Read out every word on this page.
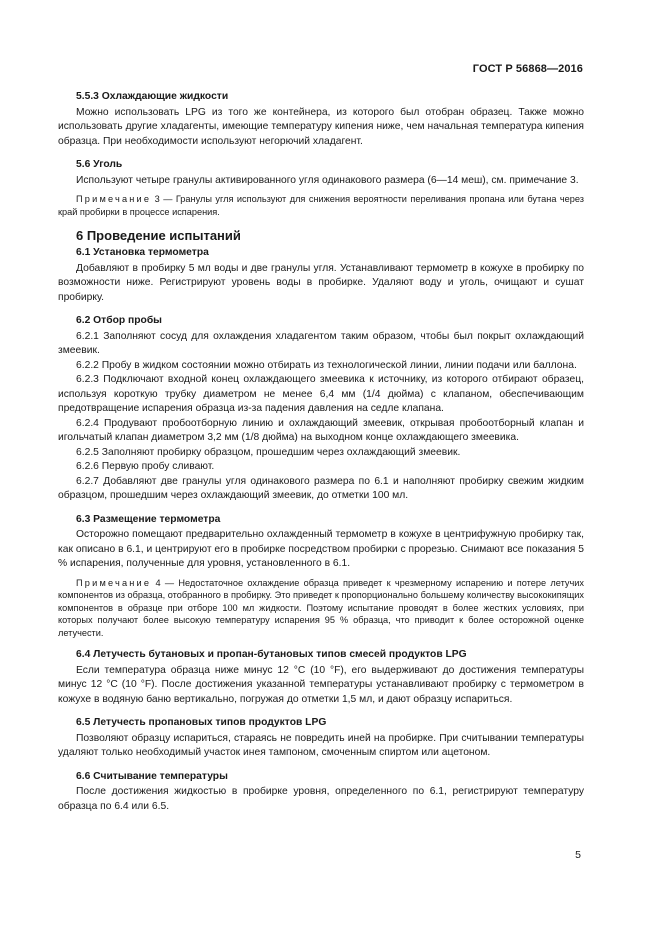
ГОСТ Р 56868—2016
5.5.3 Охлаждающие жидкости

Можно использовать LPG из того же контейнера, из которого был отобран образец. Также можно использовать другие хладагенты, имеющие температуру кипения ниже, чем начальная температура кипения образца. При необходимости используют негорючий хладагент.

5.6 Уголь

Используют четыре гранулы активированного угля одинакового размера (6—14 меш), см. примечание 3.

Примечание 3 — Гранулы угля используют для снижения вероятности переливания пропана или бутана через край пробирки в процессе испарения.

6 Проведение испытаний
6.1 Установка термометра

Добавляют в пробирку 5 мл воды и две гранулы угля. Устанавливают термометр в кожухе в пробирку по возможности ниже. Регистрируют уровень воды в пробирке. Удаляют воду и уголь, очищают и сушат пробирку.

6.2 Отбор пробы

6.2.1 Заполняют сосуд для охлаждения хладагентом таким образом, чтобы был покрыт охлаждающий змеевик.

6.2.2 Пробу в жидком состоянии можно отбирать из технологической линии, линии подачи или баллона.

6.2.3 Подключают входной конец охлаждающего змеевика к источнику, из которого отбирают образец, используя короткую трубку диаметром не менее 6,4 мм (1/4 дюйма) с клапаном, обеспечивающим предотвращение испарения образца из-за падения давления на седле клапана.

6.2.4 Продувают пробоотборную линию и охлаждающий змеевик, открывая пробоотборный клапан и игольчатый клапан диаметром 3,2 мм (1/8 дюйма) на выходном конце охлаждающего змеевика.

6.2.5 Заполняют пробирку образцом, прошедшим через охлаждающий змеевик.

6.2.6 Первую пробу сливают.

6.2.7 Добавляют две гранулы угля одинакового размера по 6.1 и наполняют пробирку свежим жидким образцом, прошедшим через охлаждающий змеевик, до отметки 100 мл.

6.3 Размещение термометра

Осторожно помещают предварительно охлажденный термометр в кожухе в центрифужную пробирку так, как описано в 6.1, и центрируют его в пробирке посредством пробирки с прорезью. Снимают все показания 5 % испарения, полученные для уровня, установленного в 6.1.

Примечание 4 — Недостаточное охлаждение образца приведет к чрезмерному испарению и потере летучих компонентов из образца, отобранного в пробирку. Это приведет к пропорционально большему количеству высококипящих компонентов в образце при отборе 100 мл жидкости. Поэтому испытание проводят в более жестких условиях, при которых получают более высокую температуру испарения 95 % образца, что приводит к более осторожной оценке летучести.

6.4 Летучесть бутановых и пропан-бутановых типов смесей продуктов LPG

Если температура образца ниже минус 12 °C (10 °F), его выдерживают до достижения температуры минус 12 °C (10 °F). После достижения указанной температуры устанавливают пробирку с термометром в кожухе в водяную баню вертикально, погружая до отметки 1,5 мл, и дают образцу испариться.

6.5 Летучесть пропановых типов продуктов LPG

Позволяют образцу испариться, стараясь не повредить иней на пробирке. При считывании температуры удаляют только необходимый участок инея тампоном, смоченным спиртом или ацетоном.

6.6 Считывание температуры

После достижения жидкостью в пробирке уровня, определенного по 6.1, регистрируют температуру образца по 6.4 или 6.5.

5
